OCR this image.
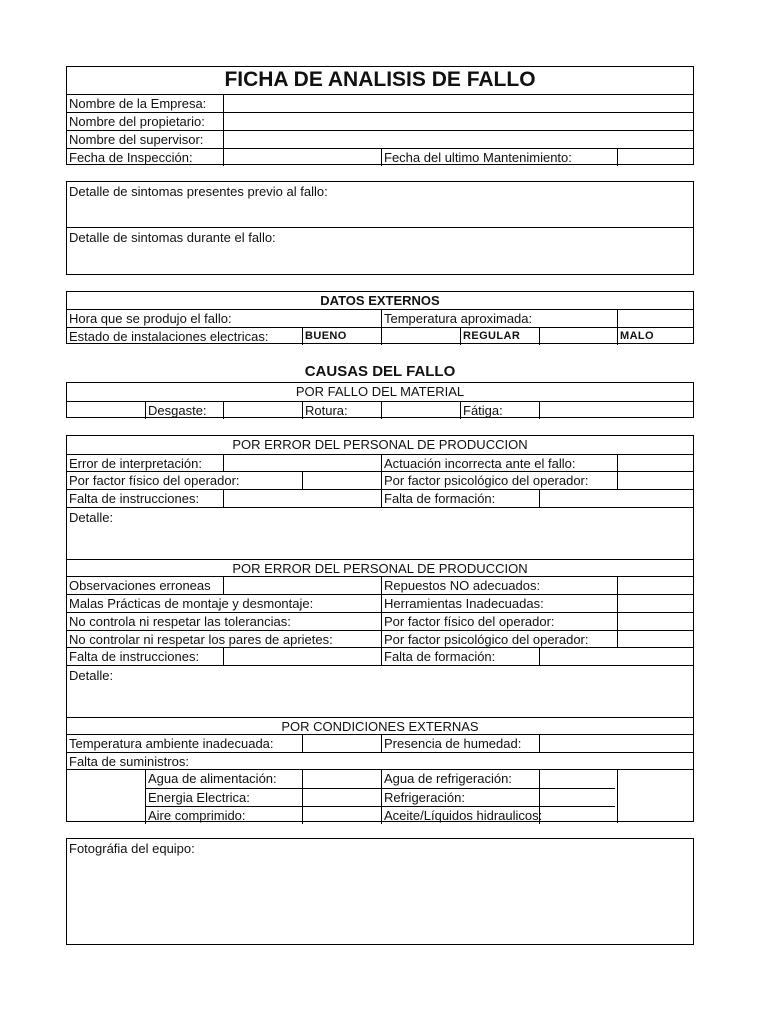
FICHA DE ANALISIS DE FALLO
Nombre de la Empresa:
Nombre del propietario:
Nombre del supervisor:
Fecha de Inspección:	Fecha del ultimo Mantenimiento:
Detalle de sintomas presentes previo al fallo:
Detalle de sintomas durante el fallo:
DATOS EXTERNOS
Hora que se produjo el fallo:	Temperatura aproximada:
Estado de instalaciones electricas:	BUENO	REGULAR	MALO
CAUSAS DEL FALLO
POR FALLO DEL MATERIAL
Desgaste:	Rotura:	Fátiga:
POR ERROR DEL PERSONAL DE PRODUCCION
Error de interpretación:	Actuación incorrecta ante el fallo:
Por factor físico del operador:	Por factor psicológico del operador:
Falta de instrucciones:	Falta de formación:
Detalle:
POR ERROR DEL PERSONAL DE PRODUCCION
Observaciones erroneas	Repuestos NO adecuados:
Malas Prácticas de montaje y desmontaje:	Herramientas Inadecuadas:
No controla ni respetar las tolerancias:	Por factor físico del operador:
No controlar ni respetar los pares de aprietes:	Por factor psicológico del operador:
Falta de instrucciones:	Falta de formación:
Detalle:
POR CONDICIONES EXTERNAS
Temperatura ambiente inadecuada:	Presencia de humedad:
Falta de suministros:
Agua de alimentación:	Agua de refrigeración:
Energia Electrica:	Refrigeración:
Aire comprimido:	Aceite/Líquidos hidraulicos:
Fotográfia del equipo:
